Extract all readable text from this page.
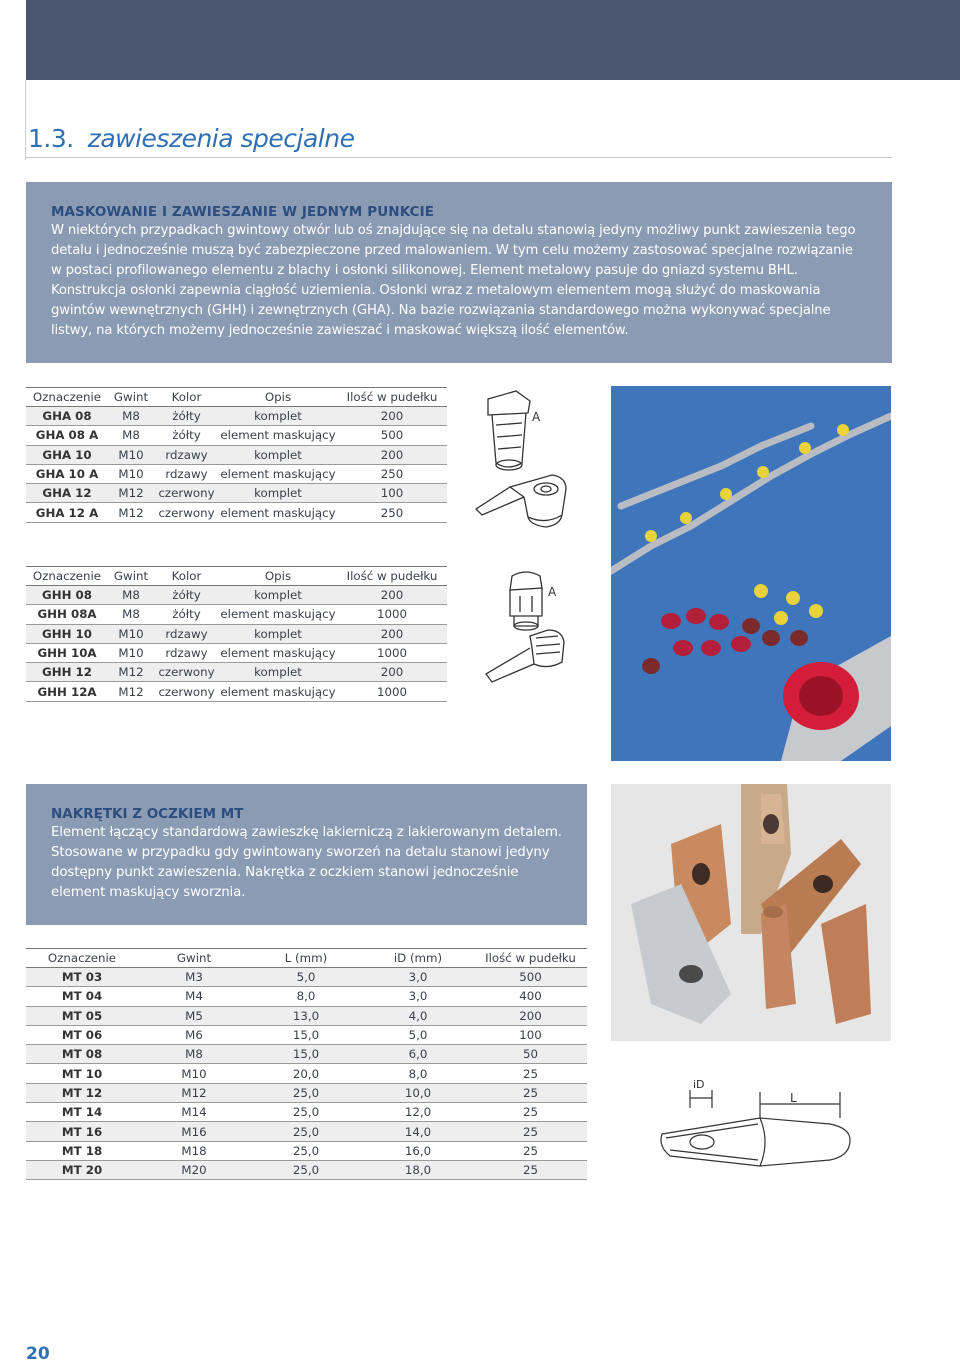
1.3. zawieszenia specjalne
MASKOWANIE I ZAWIESZANIE W JEDNYM PUNKCIE

W niektórych przypadkach gwintowy otwór lub oś znajdujące się na detalu stanowią jedyny możliwy punkt zawieszenia tego detalu i jednocześnie muszą być zabezpieczone przed malowaniem. W tym celu możemy zastosować specjalne rozwiązanie w postaci profilowanego elementu z blachy i osłonki silikonowej. Element metalowy pasuje do gniazd systemu BHL. Konstrukcja osłonki zapewnia ciągłość uziemienia. Osłonki wraz z metalowym elementem mogą służyć do maskowania gwintów wewnętrznych (GHH) i zewnętrznych (GHA). Na bazie rozwiązania standardowego można wykonywać specjalne listwy, na których możemy jednocześnie zawieszać i maskować większą ilość elementów.

Oznaczenie	Gwint	Kolor	Opis	Ilość w pudełku
GHA 08	M8	żółty	komplet	200
GHA 08 A	M8	żółty	element maskujący	500
GHA 10	M10	rdzawy	komplet	200
GHA 10 A	M10	rdzawy	element maskujący	250
GHA 12	M12	czerwony	komplet	100
GHA 12 A	M12	czerwony	element maskujący	250
A
Oznaczenie	Gwint	Kolor	Opis	Ilość w pudełku
GHH 08	M8	żółty	komplet	200
GHH 08A	M8	żółty	element maskujący	1000
GHH 10	M10	rdzawy	komplet	200
GHH 10A	M10	rdzawy	element maskujący	1000
GHH 12	M12	czerwony	komplet	200
GHH 12A	M12	czerwony	element maskujący	1000
A
NAKRĘTKI Z OCZKIEM MT

Element łączący standardową zawieszkę lakierniczą z lakierowanym detalem. Stosowane w przypadku gdy gwintowany sworzeń na detalu stanowi jedyny dostępny punkt zawieszenia. Nakrętka z oczkiem stanowi jednocześnie element maskujący sworznia.

Oznaczenie	Gwint	L (mm)	iD (mm)	Ilość w pudełku
MT 03	M3	5,0	3,0	500
MT 04	M4	8,0	3,0	400
MT 05	M5	13,0	4,0	200
MT 06	M6	15,0	5,0	100
MT 08	M8	15,0	6,0	50
MT 10	M10	20,0	8,0	25
MT 12	M12	25,0	10,0	25
MT 14	M14	25,0	12,0	25
MT 16	M16	25,0	14,0	25
MT 18	M18	25,0	16,0	25
MT 20	M20	25,0	18,0	25
iD
L
20
